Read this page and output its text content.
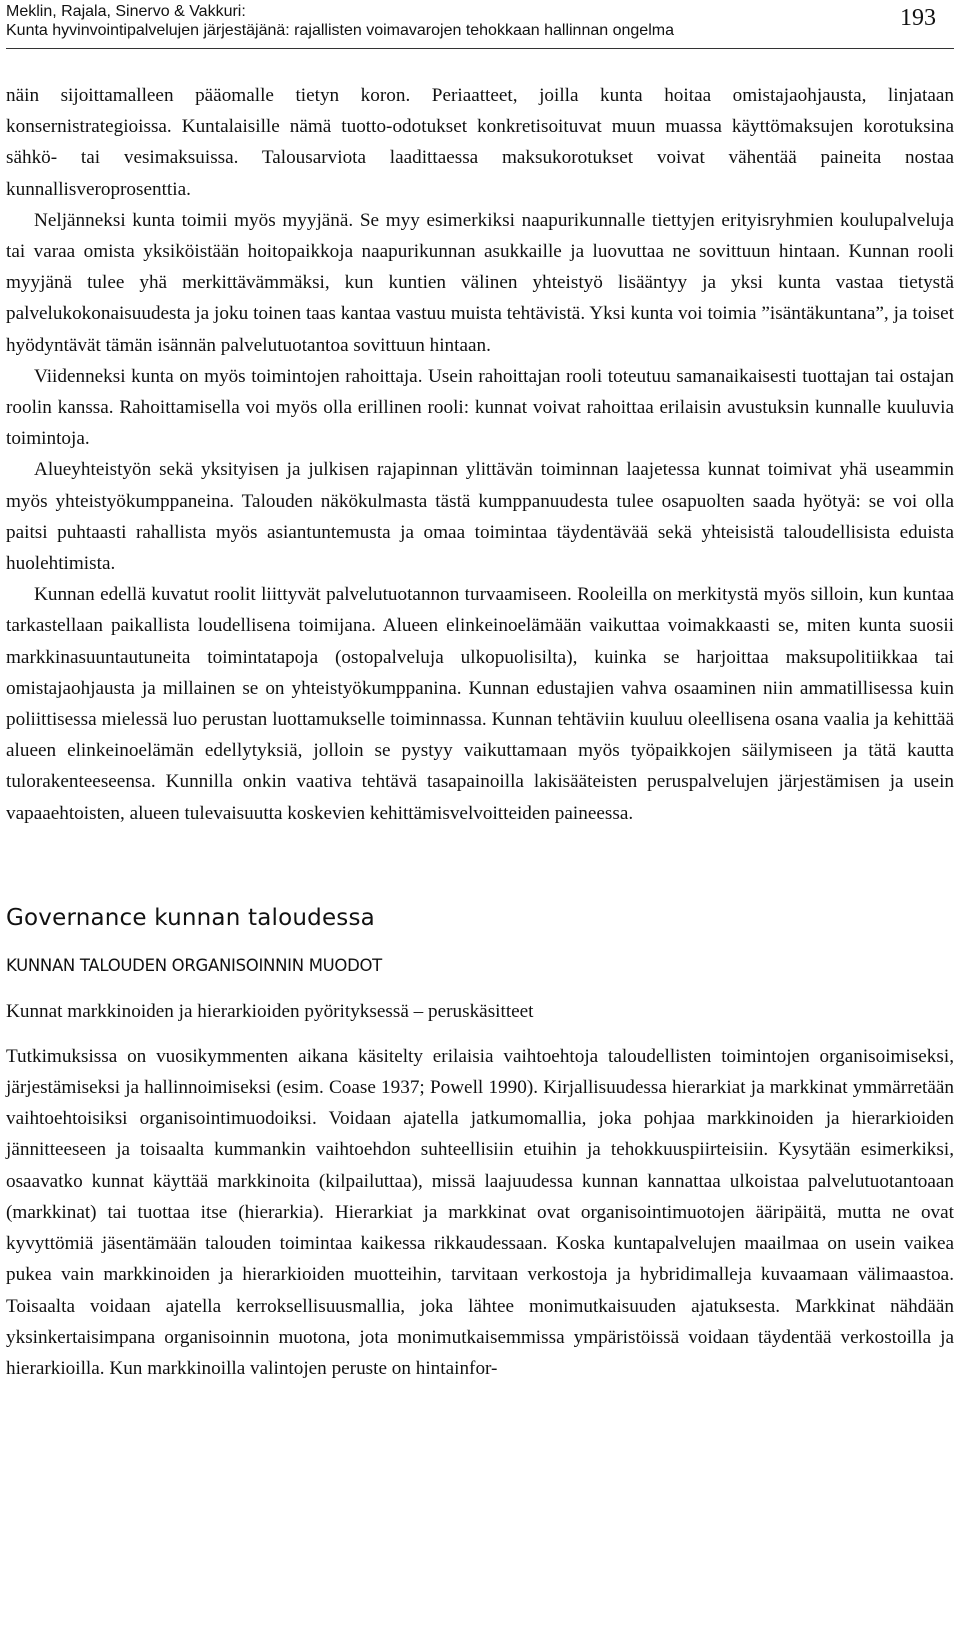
Meklin, Rajala, Sinervo & Vakkuri:
Kunta hyvinvointipalvelujen järjestäjänä: rajallisten voimavarojen tehokkaan hallinnan ongelma	193

näin sijoittamalleen pääomalle tietyn koron. Periaatteet, joilla kunta hoitaa omistajaohjausta, linjataan konsernistrategioissa. Kuntalaisille nämä tuotto-odotukset konkretisoituvat muun muassa käyttömaksujen korotuksina sähkö- tai vesimaksuissa. Talousarviota laadittaessa maksukorotukset voivat vähentää paineita nostaa kunnallisveroprosenttia.

Neljänneksi kunta toimii myös myyjänä. Se myy esimerkiksi naapurikunnalle tiettyjen erityisryhmien koulupalveluja tai varaa omista yksiköistään hoitopaikkoja naapurikunnan asukkaille ja luovuttaa ne sovittuun hintaan. Kunnan rooli myyjänä tulee yhä merkittävämmäksi, kun kuntien välinen yhteistyö lisääntyy ja yksi kunta vastaa tietystä palvelukokonaisuudesta ja joku toinen taas kantaa vastuu muista tehtävistä. Yksi kunta voi toimia ”isäntäkuntana”, ja toiset hyödyntävät tämän isännän palvelutuotantoa sovittuun hintaan.

Viidenneksi kunta on myös toimintojen rahoittaja. Usein rahoittajan rooli toteutuu samanaikaisesti tuottajan tai ostajan roolin kanssa. Rahoittamisella voi myös olla erillinen rooli: kunnat voivat rahoittaa erilaisin avustuksin kunnalle kuuluvia toimintoja.

Alueyhteistyön sekä yksityisen ja julkisen rajapinnan ylittävän toiminnan laajetessa kunnat toimivat yhä useammin myös yhteistyökumppaneina. Talouden näkökulmasta tästä kumppanuudesta tulee osapuolten saada hyötyä: se voi olla paitsi puhtaasti rahallista myös asiantuntemusta ja omaa toimintaa täydentävää sekä yhteisistä taloudellisista eduista huolehtimista.

Kunnan edellä kuvatut roolit liittyvät palvelutuotannon turvaamiseen. Rooleilla on merkitystä myös silloin, kun kuntaa tarkastellaan paikallista loudellisena toimijana. Alueen elinkeinoelämään vaikuttaa voimakkaasti se, miten kunta suosii markkinasuuntautuneita toimintatapoja (ostopalveluja ulkopuolisilta), kuinka se harjoittaa maksupolitiikkaa tai omistajaohjausta ja millainen se on yhteistyökumppanina. Kunnan edustajien vahva osaaminen niin ammatillisessa kuin poliittisessa mielessä luo perustan luottamukselle toiminnassa. Kunnan tehtäviin kuuluu oleellisena osana vaalia ja kehittää alueen elinkeinoelämän edellytyksiä, jolloin se pystyy vaikuttamaan myös työpaikkojen säilymiseen ja tätä kautta tulorakenteeseensa. Kunnilla onkin vaativa tehtävä tasapainoilla lakisääteisten peruspalvelujen järjestämisen ja usein vapaaehtoisten, alueen tulevaisuutta koskevien kehittämisvelvoitteiden paineessa.

Governance kunnan taloudessa
KUNNAN TALOUDEN ORGANISOINNIN MUODOT
Kunnat markkinoiden ja hierarkioiden pyörityksessä – peruskäsitteet

Tutkimuksissa on vuosikymmenten aikana käsitelty erilaisia vaihtoehtoja taloudellisten toimintojen organisoimiseksi, järjestämiseksi ja hallinnoimiseksi (esim. Coase 1937; Powell 1990). Kirjallisuudessa hierarkiat ja markkinat ymmärretään vaihtoehtoisiksi organisointimuodoiksi. Voidaan ajatella jatkumomallia, joka pohjaa markkinoiden ja hierarkioiden jännitteeseen ja toisaalta kummankin vaihtoehdon suhteellisiin etuihin ja tehokkuuspiirteisiin. Kysytään esimerkiksi, osaavatko kunnat käyttää markkinoita (kilpailuttaa), missä laajuudessa kunnan kannattaa ulkoistaa palvelutuotantoaan (markkinat) tai tuottaa itse (hierarkia). Hierarkiat ja markkinat ovat organisointimuotojen ääripäitä, mutta ne ovat kyvyttömiä jäsentämään talouden toimintaa kaikessa rikkaudessaan. Koska kuntapalvelujen maailmaa on usein vaikea pukea vain markkinoiden ja hierarkioiden muotteihin, tarvitaan verkostoja ja hybridimalleja kuvaamaan välimaastoa. Toisaalta voidaan ajatella kerroksellisuusmallia, joka lähtee monimutkaisuuden ajatuksesta. Markkinat nähdään yksinkertaisimpana organisoinnin muotona, jota monimutkaisemmissa ympäristöissä voidaan täydentää verkostoilla ja hierarkioilla. Kun markkinoilla valintojen peruste on hintainfor-
